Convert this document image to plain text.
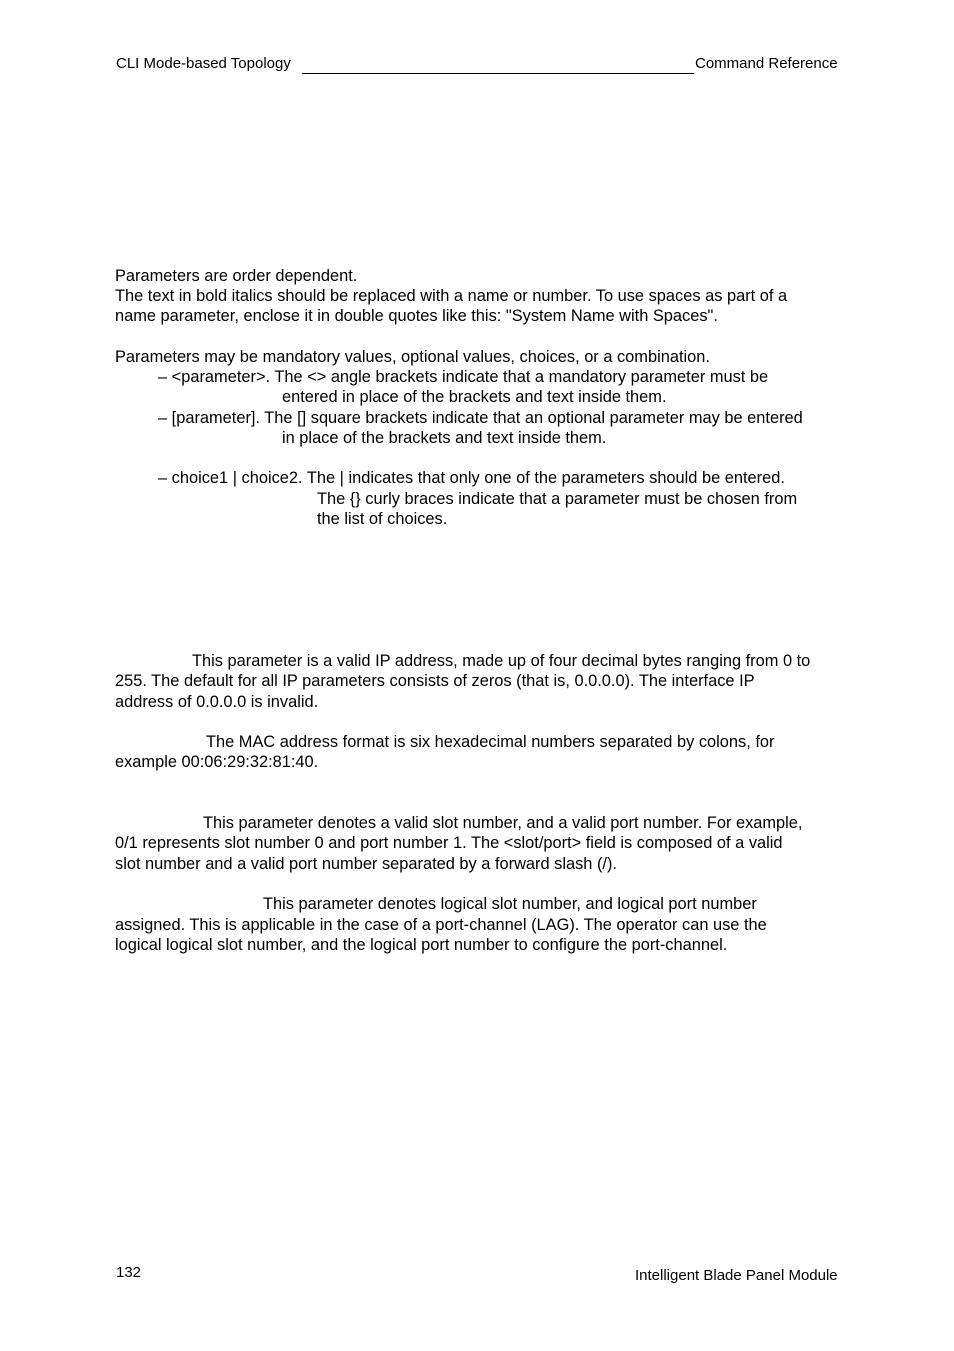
CLI Mode-based Topology	Command Reference
Parameters are order dependent.
The text in bold italics should be replaced with a name or number. To use spaces as part of a
name parameter, enclose it in double quotes like this: "System Name with Spaces".
Parameters may be mandatory values, optional values, choices, or a combination.
– <parameter>. The <> angle brackets indicate that a mandatory parameter must be
entered in place of the brackets and text inside them.
– [parameter]. The [] square brackets indicate that an optional parameter may be entered
in place of the brackets and text inside them.
– choice1 | choice2. The | indicates that only one of the parameters should be entered.
The {} curly braces indicate that a parameter must be chosen from
the list of choices.
This parameter is a valid IP address, made up of four decimal bytes ranging from 0 to
255. The default for all IP parameters consists of zeros (that is, 0.0.0.0). The interface IP
address of 0.0.0.0 is invalid.
The MAC address format is six hexadecimal numbers separated by colons, for
example 00:06:29:32:81:40.
This parameter denotes a valid slot number, and a valid port number. For example,
0/1 represents slot number 0 and port number 1. The <slot/port> field is composed of a valid
slot number and a valid port number separated by a forward slash (/).
This parameter denotes logical slot number, and logical port number
assigned. This is applicable in the case of a port-channel (LAG). The operator can use the
logical logical slot number, and the logical port number to configure the port-channel.
132	Intelligent Blade Panel Module
